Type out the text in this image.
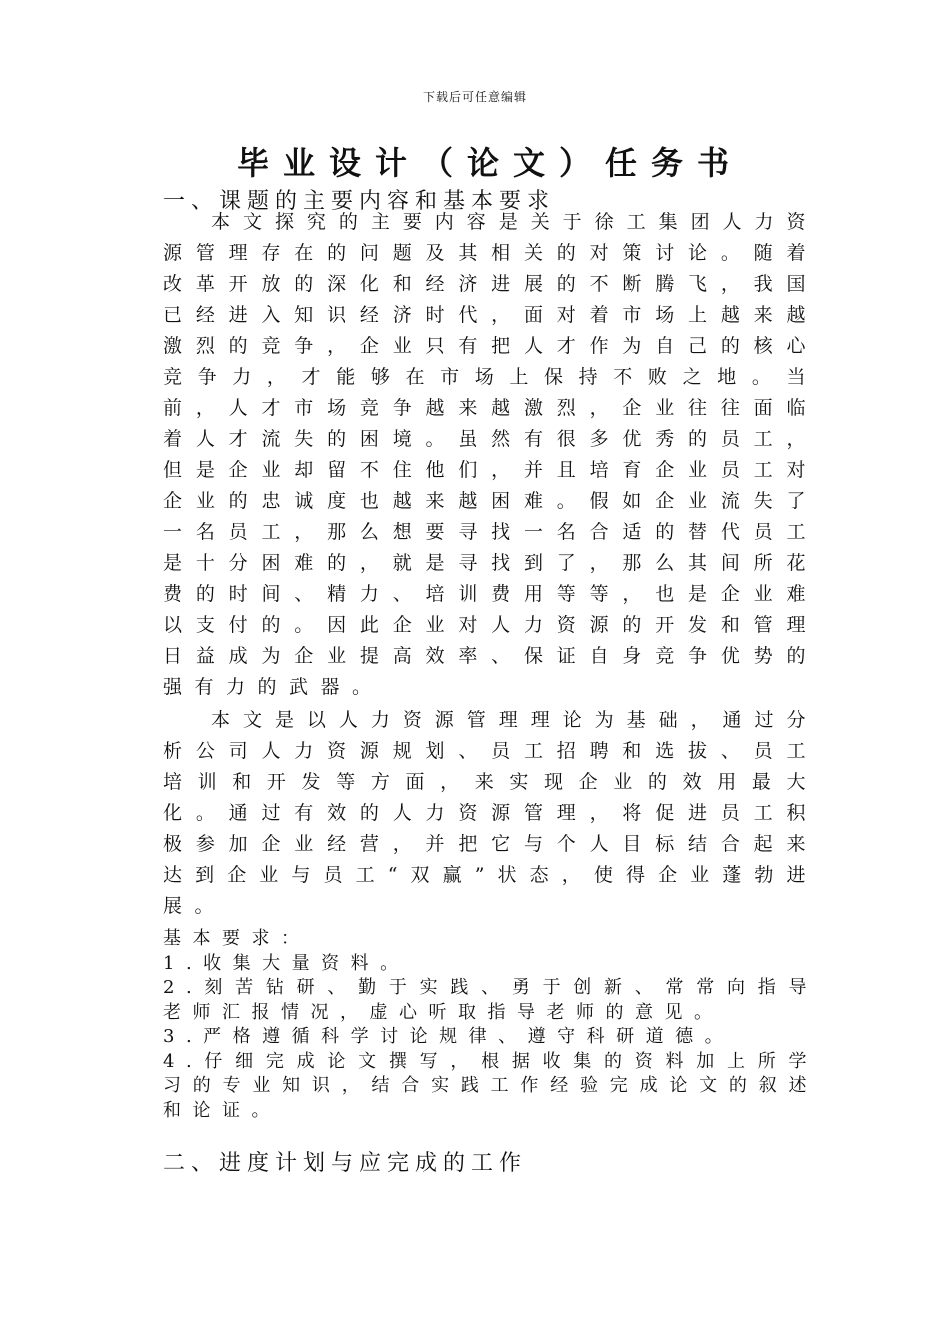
下载后可任意编辑
毕业设计（论文）任务书
一、课题的主要内容和基本要求
本文探究的主要内容是关于徐工集团人力资源管理存在的问题及其相关的对策讨论。随着改革开放的深化和经济进展的不断腾飞，我国已经进入知识经济时代，面对着市场上越来越激烈的竞争，企业只有把人才作为自己的核心竞争力，才能够在市场上保持不败之地。当前，人才市场竞争越来越激烈，企业往往面临着人才流失的困境。虽然有很多优秀的员工，但是企业却留不住他们，并且培育企业员工对企业的忠诚度也越来越困难。假如企业流失了一名员工，那么想要寻找一名合适的替代员工是十分困难的，就是寻找到了，那么其间所花费的时间、精力、培训费用等等，也是企业难以支付的。因此企业对人力资源的开发和管理日益成为企业提高效率、保证自身竞争优势的强有力的武器。
本文是以人力资源管理理论为基础，通过分析公司人力资源规划、员工招聘和选拔、员工培训和开发等方面，来实现企业的效用最大化。通过有效的人力资源管理，将促进员工积极参加企业经营，并把它与个人目标结合起来达到企业与员工“双赢”状态，使得企业蓬勃进展。
基本要求：
1.收集大量资料。
2.刻苦钻研、勤于实践、勇于创新、常常向指导老师汇报情况，虚心听取指导老师的意见。
3.严格遵循科学讨论规律、遵守科研道德。
4.仔细完成论文撰写，根据收集的资料加上所学习的专业知识，结合实践工作经验完成论文的叙述和论证。
二、进度计划与应完成的工作
